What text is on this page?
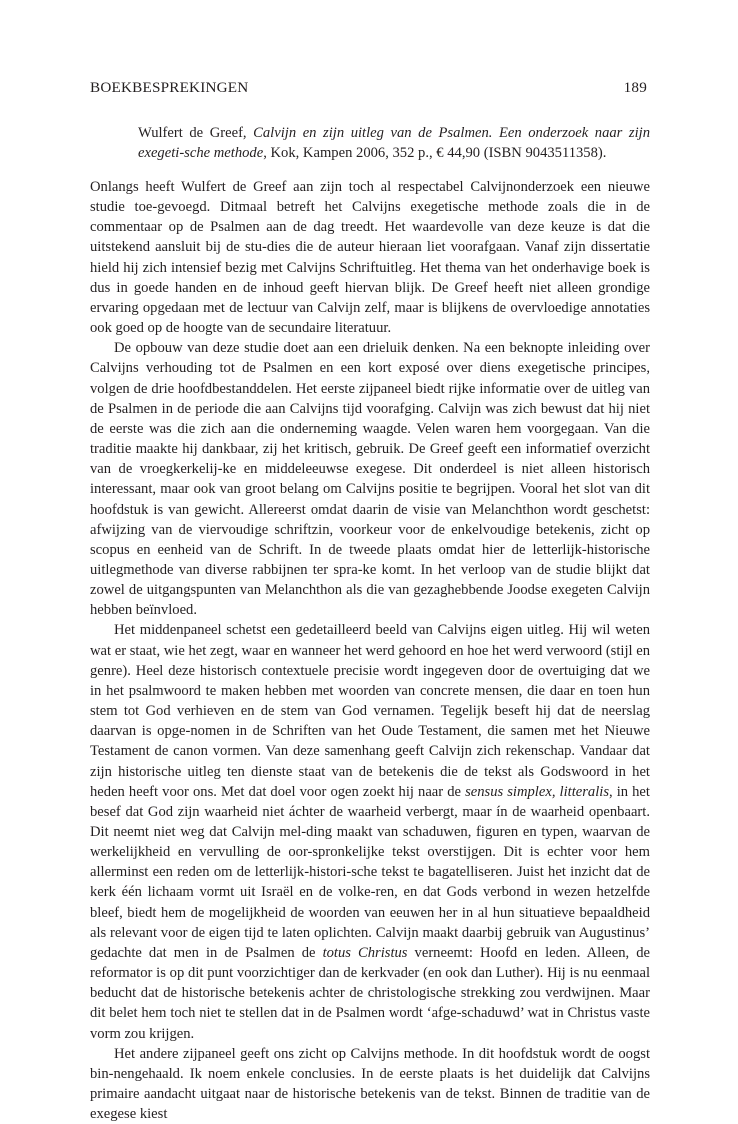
BOEKBESPREKINGEN	189

Wulfert de Greef, Calvijn en zijn uitleg van de Psalmen. Een onderzoek naar zijn exegeti-sche methode, Kok, Kampen 2006, 352 p., € 44,90 (ISBN 9043511358).

Onlangs heeft Wulfert de Greef aan zijn toch al respectabel Calvijnonderzoek een nieuwe studie toe-gevoegd. Ditmaal betreft het Calvijns exegetische methode zoals die in de commentaar op de Psalmen aan de dag treedt. Het waardevolle van deze keuze is dat die uitstekend aansluit bij de stu-dies die de auteur hieraan liet voorafgaan. Vanaf zijn dissertatie hield hij zich intensief bezig met Calvijns Schriftuitleg. Het thema van het onderhavige boek is dus in goede handen en de inhoud geeft hiervan blijk. De Greef heeft niet alleen grondige ervaring opgedaan met de lectuur van Calvijn zelf, maar is blijkens de overvloedige annotaties ook goed op de hoogte van de secundaire literatuur.

De opbouw van deze studie doet aan een drieluik denken. Na een beknopte inleiding over Calvijns verhouding tot de Psalmen en een kort exposé over diens exegetische principes, volgen de drie hoofdbestanddelen. Het eerste zijpaneel biedt rijke informatie over de uitleg van de Psalmen in de periode die aan Calvijns tijd voorafging. Calvijn was zich bewust dat hij niet de eerste was die zich aan die onderneming waagde. Velen waren hem voorgegaan. Van die traditie maakte hij dankbaar, zij het kritisch, gebruik. De Greef geeft een informatief overzicht van de vroegkerkelij-ke en middeleeuwse exegese. Dit onderdeel is niet alleen historisch interessant, maar ook van groot belang om Calvijns positie te begrijpen. Vooral het slot van dit hoofdstuk is van gewicht. Allereerst omdat daarin de visie van Melanchthon wordt geschetst: afwijzing van de viervoudige schriftzin, voorkeur voor de enkelvoudige betekenis, zicht op scopus en eenheid van de Schrift. In de tweede plaats omdat hier de letterlijk-historische uitlegmethode van diverse rabbijnen ter spra-ke komt. In het verloop van de studie blijkt dat zowel de uitgangspunten van Melanchthon als die van gezaghebbende Joodse exegeten Calvijn hebben beïnvloed.

Het middenpaneel schetst een gedetailleerd beeld van Calvijns eigen uitleg. Hij wil weten wat er staat, wie het zegt, waar en wanneer het werd gehoord en hoe het werd verwoord (stijl en genre). Heel deze historisch contextuele precisie wordt ingegeven door de overtuiging dat we in het psalmwoord te maken hebben met woorden van concrete mensen, die daar en toen hun stem tot God verhieven en de stem van God vernamen. Tegelijk beseft hij dat de neerslag daarvan is opge-nomen in de Schriften van het Oude Testament, die samen met het Nieuwe Testament de canon vormen. Van deze samenhang geeft Calvijn zich rekenschap. Vandaar dat zijn historische uitleg ten dienste staat van de betekenis die de tekst als Godswoord in het heden heeft voor ons. Met dat doel voor ogen zoekt hij naar de sensus simplex, litteralis, in het besef dat God zijn waarheid niet áchter de waarheid verbergt, maar ín de waarheid openbaart. Dit neemt niet weg dat Calvijn mel-ding maakt van schaduwen, figuren en typen, waarvan de werkelijkheid en vervulling de oor-spronkelijke tekst overstijgen. Dit is echter voor hem allerminst een reden om de letterlijk-histori-sche tekst te bagatelliseren. Juist het inzicht dat de kerk één lichaam vormt uit Israël en de volke-ren, en dat Gods verbond in wezen hetzelfde bleef, biedt hem de mogelijkheid de woorden van eeuwen her in al hun situatieve bepaaldheid als relevant voor de eigen tijd te laten oplichten. Calvijn maakt daarbij gebruik van Augustinus’ gedachte dat men in de Psalmen de totus Christus verneemt: Hoofd en leden. Alleen, de reformator is op dit punt voorzichtiger dan de kerkvader (en ook dan Luther). Hij is nu eenmaal beducht dat de historische betekenis achter de christologische strekking zou verdwijnen. Maar dit belet hem toch niet te stellen dat in de Psalmen wordt ‘afge-schaduwd’ wat in Christus vaste vorm zou krijgen.

Het andere zijpaneel geeft ons zicht op Calvijns methode. In dit hoofdstuk wordt de oogst bin-nengehaald. Ik noem enkele conclusies. In de eerste plaats is het duidelijk dat Calvijns primaire aandacht uitgaat naar de historische betekenis van de tekst. Binnen de traditie van de exegese kiest
